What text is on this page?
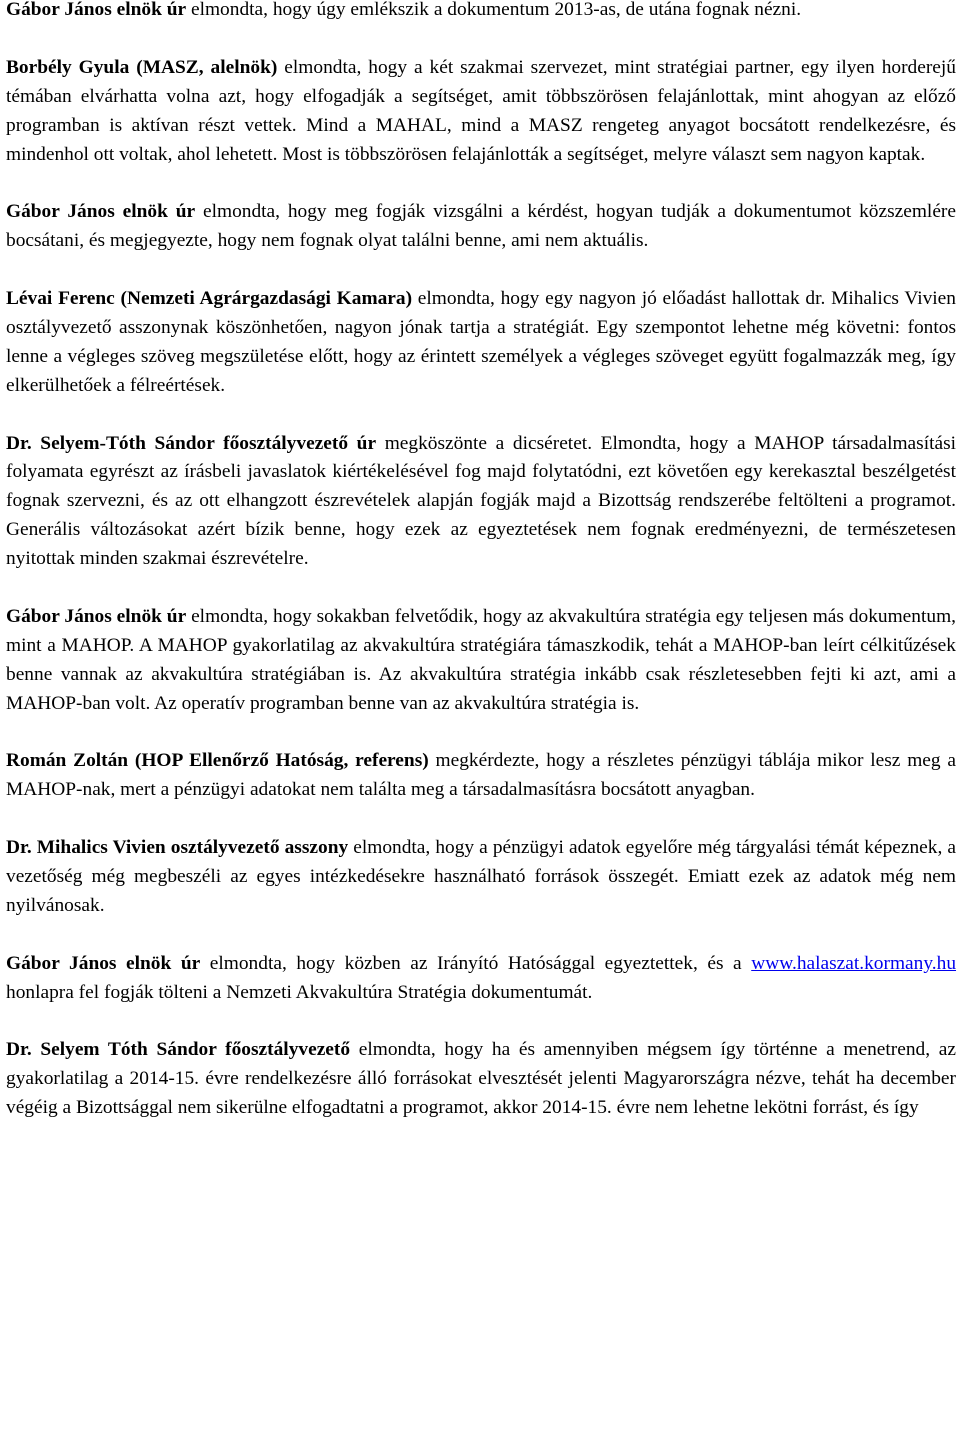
Gábor János elnök úr elmondta, hogy úgy emlékszik a dokumentum 2013-as, de utána fognak nézni.

Borbély Gyula (MASZ, alelnök) elmondta, hogy a két szakmai szervezet, mint stratégiai partner, egy ilyen horderejű témában elvárhatta volna azt, hogy elfogadják a segítséget, amit többszörösen felajánlottak, mint ahogyan az előző programban is aktívan részt vettek. Mind a MAHAL, mind a MASZ rengeteg anyagot bocsátott rendelkezésre, és mindenhol ott voltak, ahol lehetett. Most is többszörösen felajánlották a segítséget, melyre választ sem nagyon kaptak.

Gábor János elnök úr elmondta, hogy meg fogják vizsgálni a kérdést, hogyan tudják a dokumentumot közszemlére bocsátani, és megjegyezte, hogy nem fognak olyat találni benne, ami nem aktuális.

Lévai Ferenc (Nemzeti Agrárgazdasági Kamara) elmondta, hogy egy nagyon jó előadást hallottak dr. Mihalics Vivien osztályvezető asszonynak köszönhetően, nagyon jónak tartja a stratégiát. Egy szempontot lehetne még követni: fontos lenne a végleges szöveg megszületése előtt, hogy az érintett személyek a végleges szöveget együtt fogalmazzák meg, így elkerülhetőek a félreértések.

Dr. Selyem-Tóth Sándor főosztályvezető úr megköszönte a dicséretet. Elmondta, hogy a MAHOP társadalmasítási folyamata egyrészt az írásbeli javaslatok kiértékelésével fog majd folytatódni, ezt követően egy kerekasztal beszélgetést fognak szervezni, és az ott elhangzott észrevételek alapján fogják majd a Bizottság rendszerébe feltölteni a programot. Generális változásokat azért bízik benne, hogy ezek az egyeztetések nem fognak eredményezni, de természetesen nyitottak minden szakmai észrevételre.

Gábor János elnök úr elmondta, hogy sokakban felvetődik, hogy az akvakultúra stratégia egy teljesen más dokumentum, mint a MAHOP. A MAHOP gyakorlatilag az akvakultúra stratégiára támaszkodik, tehát a MAHOP-ban leírt célkitűzések benne vannak az akvakultúra stratégiában is. Az akvakultúra stratégia inkább csak részletesebben fejti ki azt, ami a MAHOP-ban volt. Az operatív programban benne van az akvakultúra stratégia is.

Román Zoltán (HOP Ellenőrző Hatóság, referens) megkérdezte, hogy a részletes pénzügyi táblája mikor lesz meg a MAHOP-nak, mert a pénzügyi adatokat nem találta meg a társadalmasításra bocsátott anyagban.

Dr. Mihalics Vivien osztályvezető asszony elmondta, hogy a pénzügyi adatok egyelőre még tárgyalási témát képeznek, a vezetőség még megbeszéli az egyes intézkedésekre használható források összegét. Emiatt ezek az adatok még nem nyilvánosak.

Gábor János elnök úr elmondta, hogy közben az Irányító Hatósággal egyeztettek, és a www.halaszat.kormany.hu honlapra fel fogják tölteni a Nemzeti Akvakultúra Stratégia dokumentumát.

Dr. Selyem Tóth Sándor főosztályvezető elmondta, hogy ha és amennyiben mégsem így történne a menetrend, az gyakorlatilag a 2014-15. évre rendelkezésre álló forrásokat elvesztését jelenti Magyarországra nézve, tehát ha december végéig a Bizottsággal nem sikerülne elfogadtatni a programot, akkor 2014-15. évre nem lehetne lekötni forrást, és így
